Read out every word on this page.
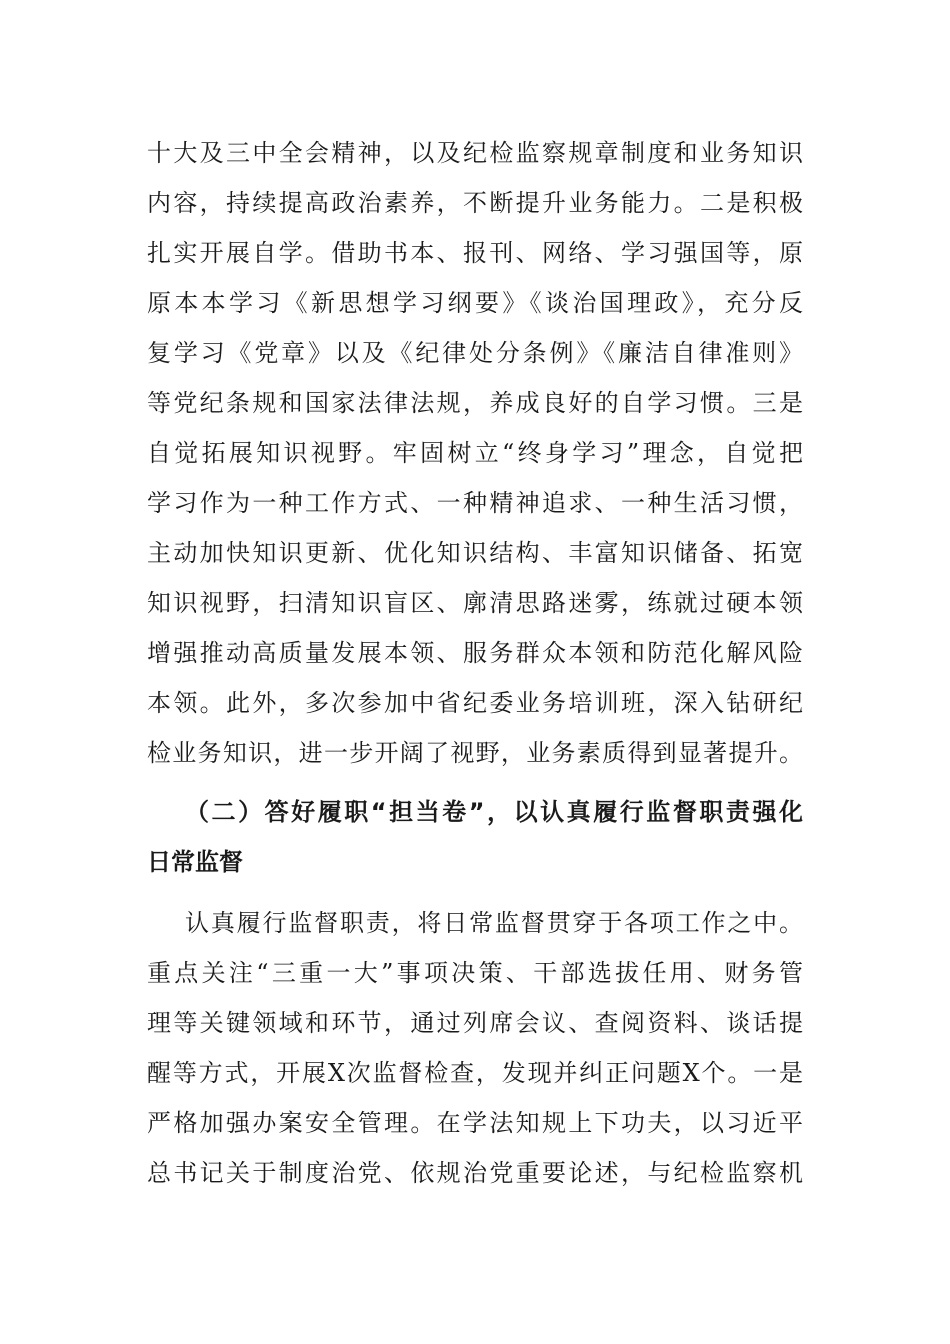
十大及三中全会精神，以及纪检监察规章制度和业务知识
内容，持续提高政治素养，不断提升业务能力。二是积极
扎实开展自学。借助书本、报刊、网络、学习强国等，原
原本本学习《新思想学习纲要》《谈治国理政》，充分反
复学习《党章》以及《纪律处分条例》《廉洁自律准则》
等党纪条规和国家法律法规，养成良好的自学习惯。三是
自觉拓展知识视野。牢固树立“终身学习”理念，自觉把
学习作为一种工作方式、一种精神追求、一种生活习惯，
主动加快知识更新、优化知识结构、丰富知识储备、拓宽
知识视野，扫清知识盲区、廓清思路迷雾，练就过硬本领
增强推动高质量发展本领、服务群众本领和防范化解风险
本领。此外，多次参加中省纪委业务培训班，深入钻研纪
检业务知识，进一步开阔了视野，业务素质得到显著提升。
（二）答好履职“担当卷”，以认真履行监督职责强化
日常监督
认真履行监督职责，将日常监督贯穿于各项工作之中。
重点关注“三重一大”事项决策、干部选拔任用、财务管
理等关键领域和环节，通过列席会议、查阅资料、谈话提
醒等方式，开展X次监督检查，发现并纠正问题X个。一是
严格加强办案安全管理。在学法知规上下功夫，以习近平
总书记关于制度治党、依规治党重要论述，与纪检监察机
